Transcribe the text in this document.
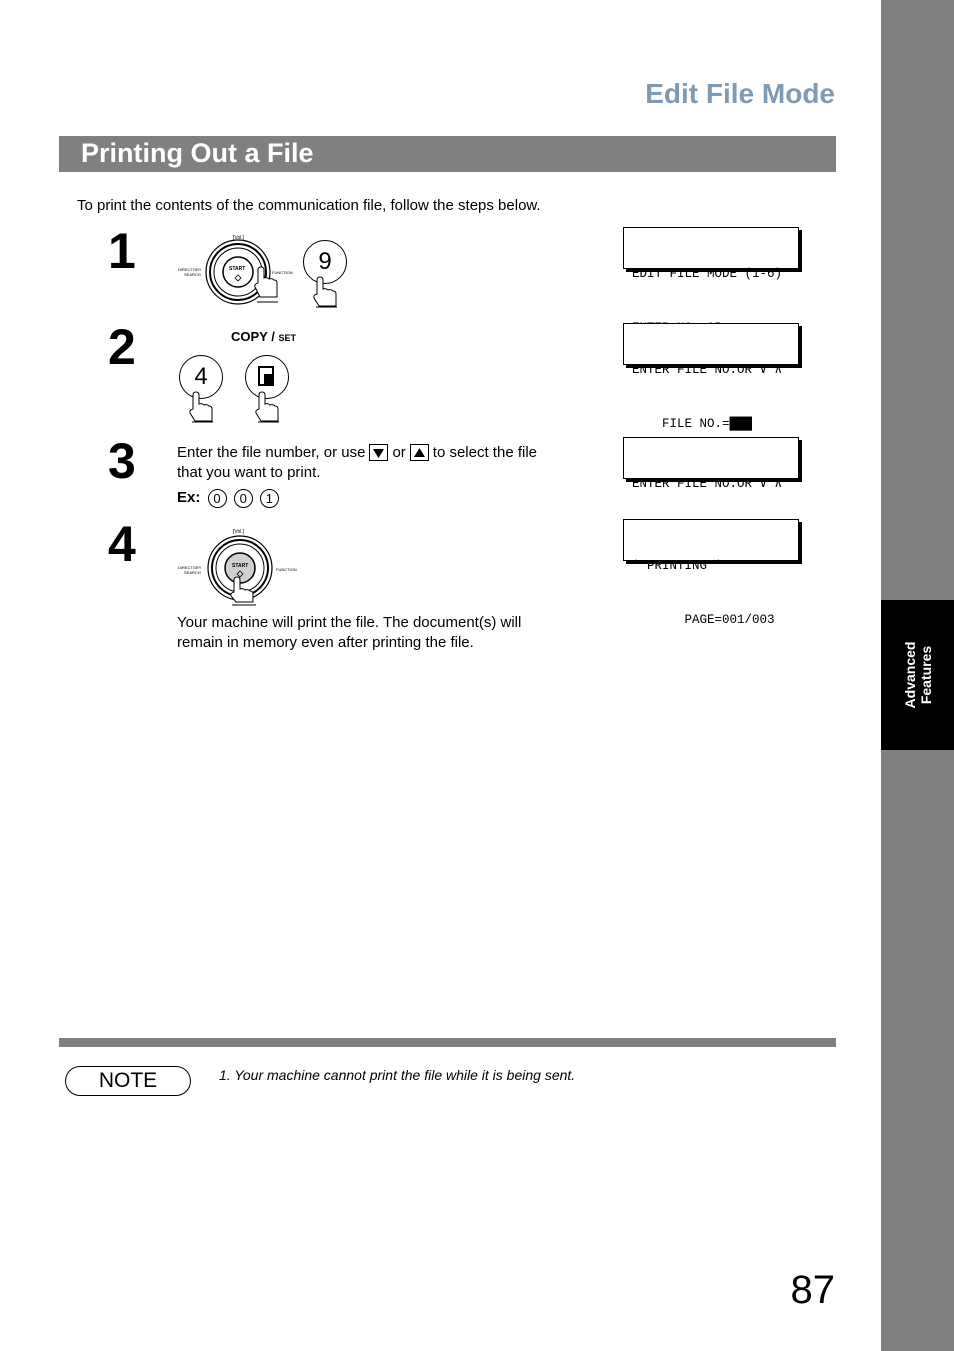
Advanced Features
Edit File Mode
Printing Out a File
To print the contents of the communication file, follow the steps below.
1	[Vol.]
START
DIRECTORY
SEARCH	FUNCTION	9

	EDIT FILE MODE (1-6)

2	COPY / SET
4

	ENTER FILE NO.OR ∨ ∧

FILE NO.=███

3	Enter the file number, or use or to select the file
that you want to print.
Ex: 0 0 1

ENTER FILE NO.OR ∨ ∧

4	[Vol.]
START
DIRECTORY
SEARCH
FUNCTION
Your machine will print the file. The document(s) will
remain in memory even after printing the file.

* PRINTING *

PAGE=001/003

NOTE	1. Your machine cannot print the file while it is being sent.
87
